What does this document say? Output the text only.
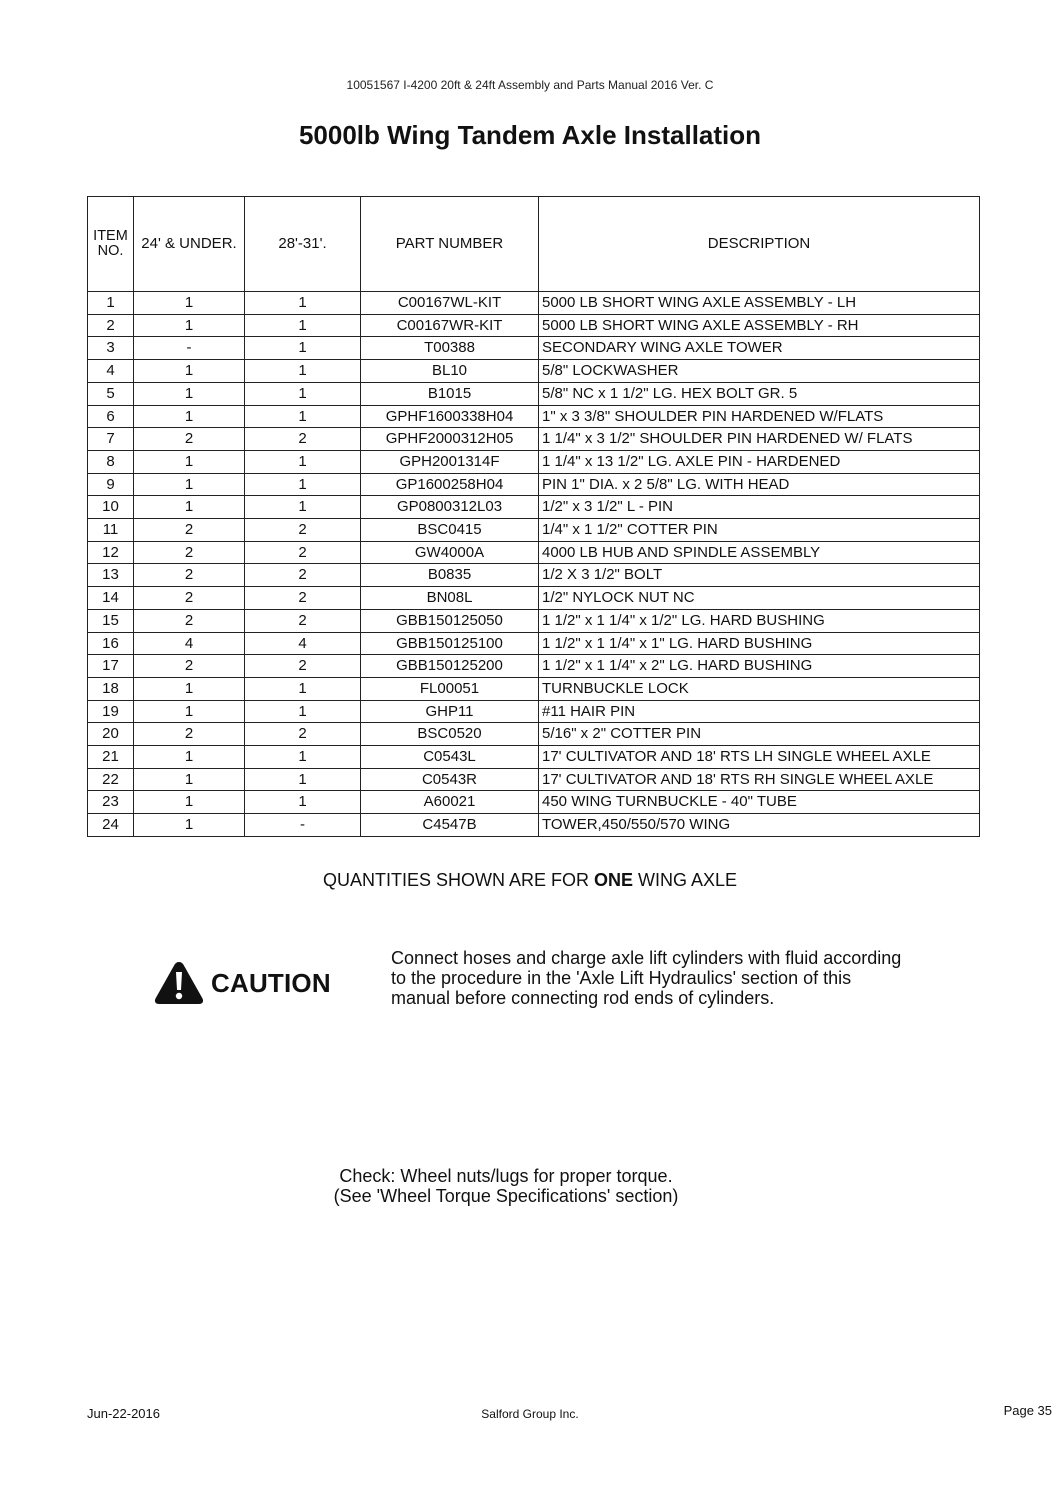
10051567 I-4200 20ft & 24ft Assembly and Parts Manual 2016 Ver. C
5000lb Wing Tandem Axle Installation
ITEM
NO.	24' & UNDER.	28'-31'.	PART NUMBER	DESCRIPTION
1	1	1	C00167WL-KIT	5000 LB SHORT WING AXLE ASSEMBLY - LH
2	1	1	C00167WR-KIT	5000 LB SHORT WING AXLE ASSEMBLY - RH
3	-	1	T00388	SECONDARY WING AXLE TOWER
4	1	1	BL10	5/8" LOCKWASHER
5	1	1	B1015	5/8" NC x 1 1/2" LG. HEX BOLT GR. 5
6	1	1	GPHF1600338H04	1" x 3 3/8" SHOULDER PIN HARDENED W/FLATS
7	2	2	GPHF2000312H05	1 1/4" x 3 1/2" SHOULDER PIN HARDENED W/ FLATS
8	1	1	GPH2001314F	1 1/4" x 13 1/2" LG. AXLE PIN - HARDENED
9	1	1	GP1600258H04	PIN 1" DIA. x 2 5/8" LG. WITH HEAD
10	1	1	GP0800312L03	1/2" x 3 1/2" L - PIN
11	2	2	BSC0415	1/4" x 1 1/2" COTTER PIN
12	2	2	GW4000A	4000 LB HUB AND SPINDLE ASSEMBLY
13	2	2	B0835	1/2 X 3 1/2" BOLT
14	2	2	BN08L	1/2" NYLOCK NUT NC
15	2	2	GBB150125050	1 1/2" x 1 1/4" x 1/2" LG. HARD BUSHING
16	4	4	GBB150125100	1 1/2" x 1 1/4" x 1" LG. HARD BUSHING
17	2	2	GBB150125200	1 1/2" x 1 1/4" x 2" LG. HARD BUSHING
18	1	1	FL00051	TURNBUCKLE LOCK
19	1	1	GHP11	#11 HAIR PIN
20	2	2	BSC0520	5/16" x 2" COTTER PIN
21	1	1	C0543L	17' CULTIVATOR AND 18' RTS LH SINGLE WHEEL AXLE
22	1	1	C0543R	17' CULTIVATOR AND 18' RTS RH SINGLE WHEEL AXLE
23	1	1	A60021	450 WING TURNBUCKLE - 40" TUBE
24	1	-	C4547B	TOWER,450/550/570 WING
QUANTITIES SHOWN ARE FOR ONE WING AXLE
CAUTION
Connect hoses and charge axle lift cylinders with fluid according
to the procedure in the 'Axle Lift Hydraulics' section of this
manual before connecting rod ends of cylinders.
Check: Wheel nuts/lugs for proper torque.
(See 'Wheel Torque Specifications' section)
Jun-22-2016	Salford Group Inc.	Page 35
